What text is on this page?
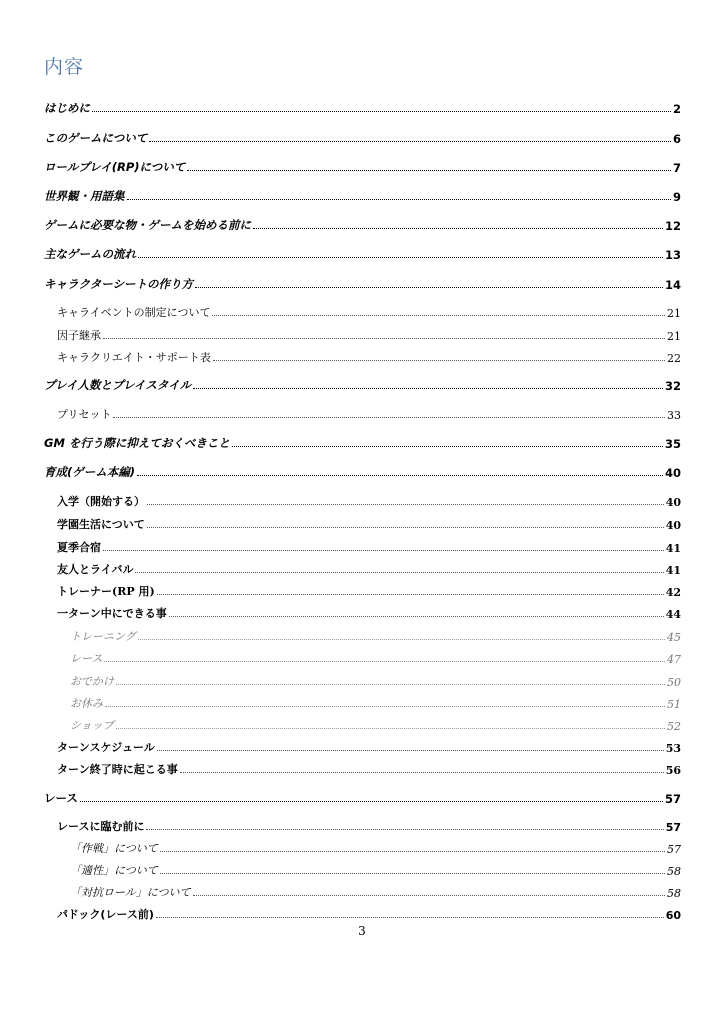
内容
はじめに	2
このゲームについて	6
ロールプレイ(RP)について	7
世界観・用語集	9
ゲームに必要な物・ゲームを始める前に	12
主なゲームの流れ	13
キャラクターシートの作り方	14
キャライベントの制定について	21
因子継承	21
キャラクリエイト・サポート表	22
プレイ人数とプレイスタイル	32
プリセット	33
GM を行う際に抑えておくべきこと	35
育成(ゲーム本編)	40
入学（開始する）	40
学園生活について	40
夏季合宿	41
友人とライバル	41
トレーナー(RP 用)	42
一ターン中にできる事	44
トレーニング	45
レース	47
おでかけ	50
お休み	51
ショップ	52
ターンスケジュール	53
ターン終了時に起こる事	56
レース	57
レースに臨む前に	57
「作戦」について	57
「適性」について	58
「対抗ロール」について	58
パドック(レース前)	60
3
